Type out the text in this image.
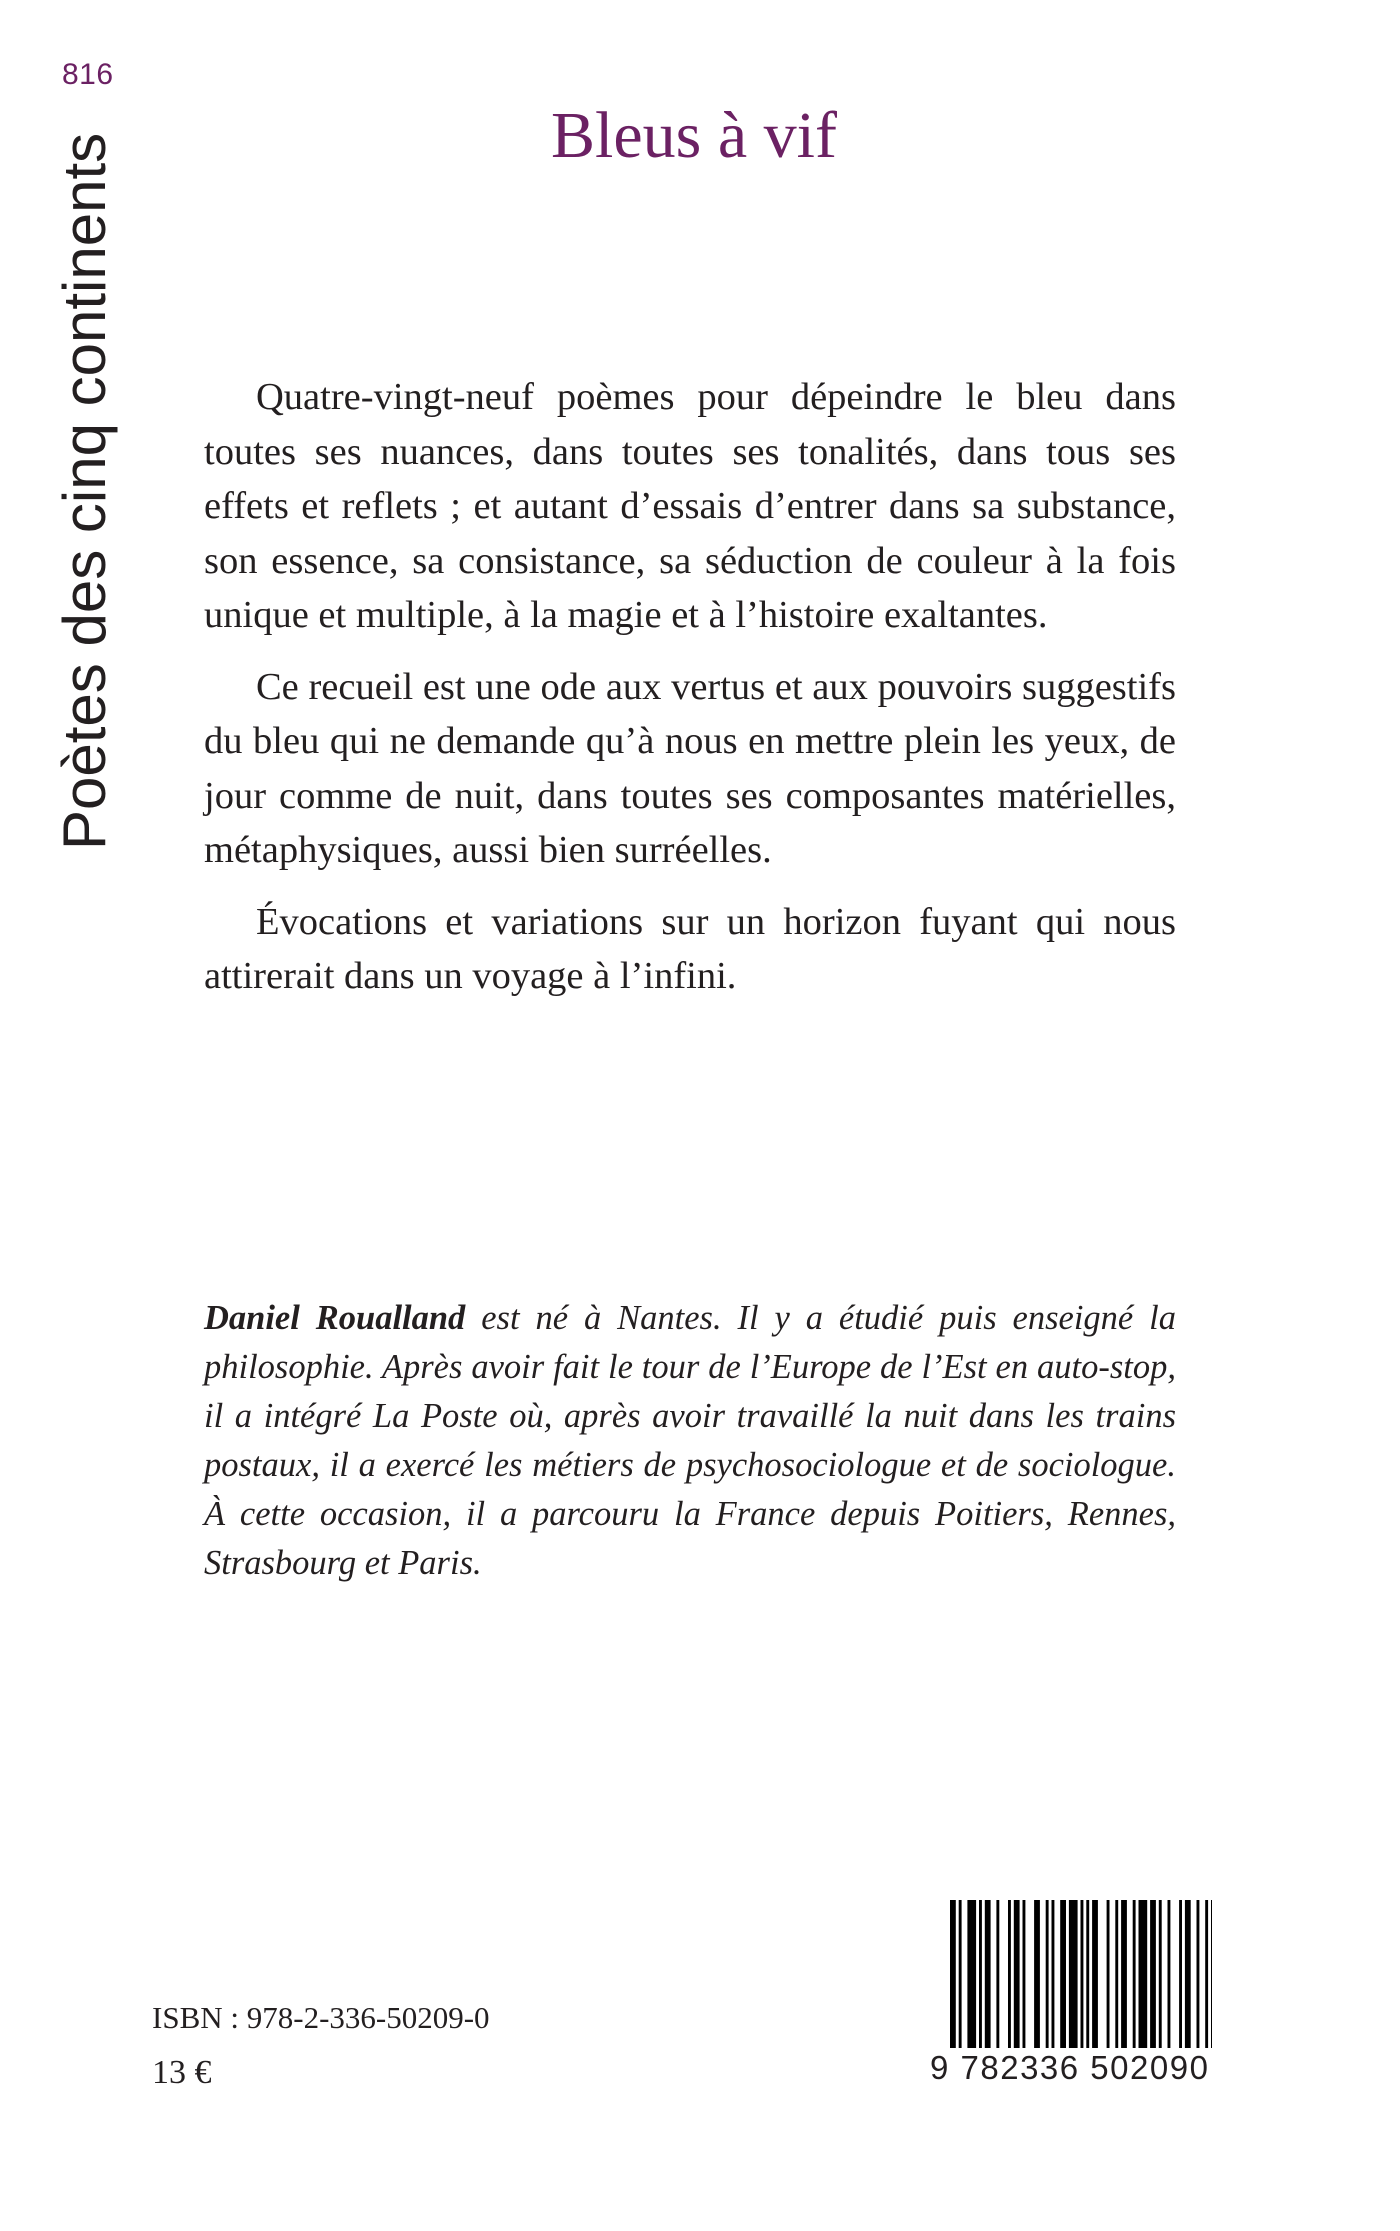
816
Poètes des cinq continents	Bleus à vif

Quatre-vingt-neuf poèmes pour dépeindre le bleu dans toutes ses nuances, dans toutes ses tonalités, dans tous ses effets et reflets ; et autant d’essais d’entrer dans sa substance, son essence, sa consistance, sa séduction de couleur à la fois unique et multiple, à la magie et à l’histoire exaltantes.

Ce recueil est une ode aux vertus et aux pouvoirs suggestifs du bleu qui ne demande qu’à nous en mettre plein les yeux, de jour comme de nuit, dans toutes ses composantes matérielles, métaphysiques, aussi bien surréelles.

Évocations et variations sur un horizon fuyant qui nous attirerait dans un voyage à l’infini.

Daniel Roualland est né à Nantes. Il y a étudié puis enseigné la philosophie. Après avoir fait le tour de l’Europe de l’Est en auto-stop, il a intégré La Poste où, après avoir travaillé la nuit dans les trains postaux, il a exercé les métiers de psychosociologue et de sociologue. À cette occasion, il a parcouru la France depuis Poitiers, Rennes, Strasbourg et Paris.

ISBN : 978-2-336-50209-0
13 €	9 782336 502090
